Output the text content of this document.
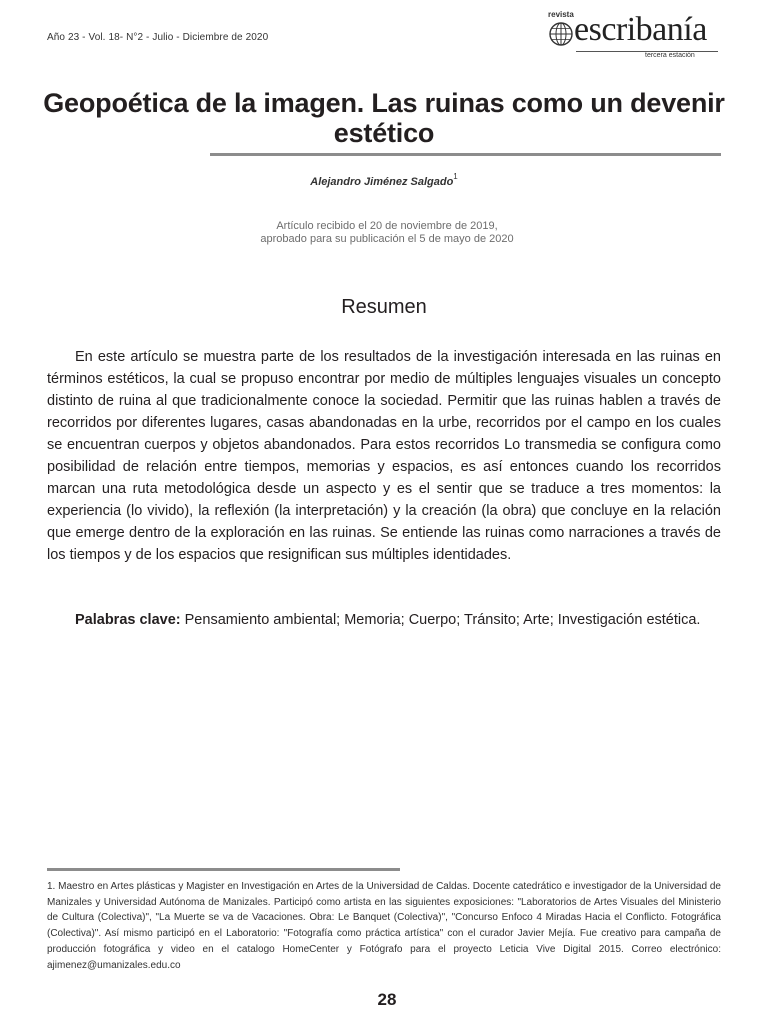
Año 23 - Vol. 18- N°2 - Julio - Diciembre de 2020
revista escribanía
tercera estación
Geopoética de la imagen. Las ruinas como un devenir estético
Alejandro Jiménez Salgado$^1$
Artículo recibido el 20 de noviembre de 2019,
aprobado para su publicación el 5 de mayo de 2020
Resumen

En este artículo se muestra parte de los resultados de la investigación interesada en las ruinas en términos estéticos, la cual se propuso encontrar por medio de múltiples lenguajes visuales un concepto distinto de ruina al que tradicionalmente conoce la sociedad. Permitir que las ruinas hablen a través de recorridos por diferentes lugares, casas abandonadas en la urbe, recorridos por el campo en los cuales se encuentran cuerpos y objetos abandonados. Para estos recorridos Lo transmedia se configura como posibilidad de relación entre tiempos, memorias y espacios, es así entonces cuando los recorridos marcan una ruta metodológica desde un aspecto y es el sentir que se traduce a tres momentos: la experiencia (lo vivido), la reflexión (la interpretación) y la creación (la obra) que concluye en la relación que emerge dentro de la exploración en las ruinas. Se entiende las ruinas como narraciones a través de los tiempos y de los espacios que resignifican sus múltiples identidades.

Palabras clave: Pensamiento ambiental; Memoria; Cuerpo; Tránsito; Arte; Investigación estética.

1. Maestro en Artes plásticas y Magister en Investigación en Artes de la Universidad de Caldas. Docente catedrático e investigador de la Universidad de Manizales y Universidad Autónoma de Manizales. Participó como artista en las siguientes exposiciones: "Laboratorios de Artes Visuales del Ministerio de Cultura (Colectiva)", "La Muerte se va de Vacaciones. Obra: Le Banquet (Colectiva)", "Concurso Enfoco 4 Miradas Hacia el Conflicto. Fotográfica (Colectiva)". Así mismo participó en el Laboratorio: "Fotografía como práctica artística" con el curador Javier Mejía. Fue creativo para campaña de producción fotográfica y video en el catalogo HomeCenter y Fotógrafo para el proyecto Leticia Vive Digital 2015. Correo electrónico: ajimenez@umanizales.edu.co

28
